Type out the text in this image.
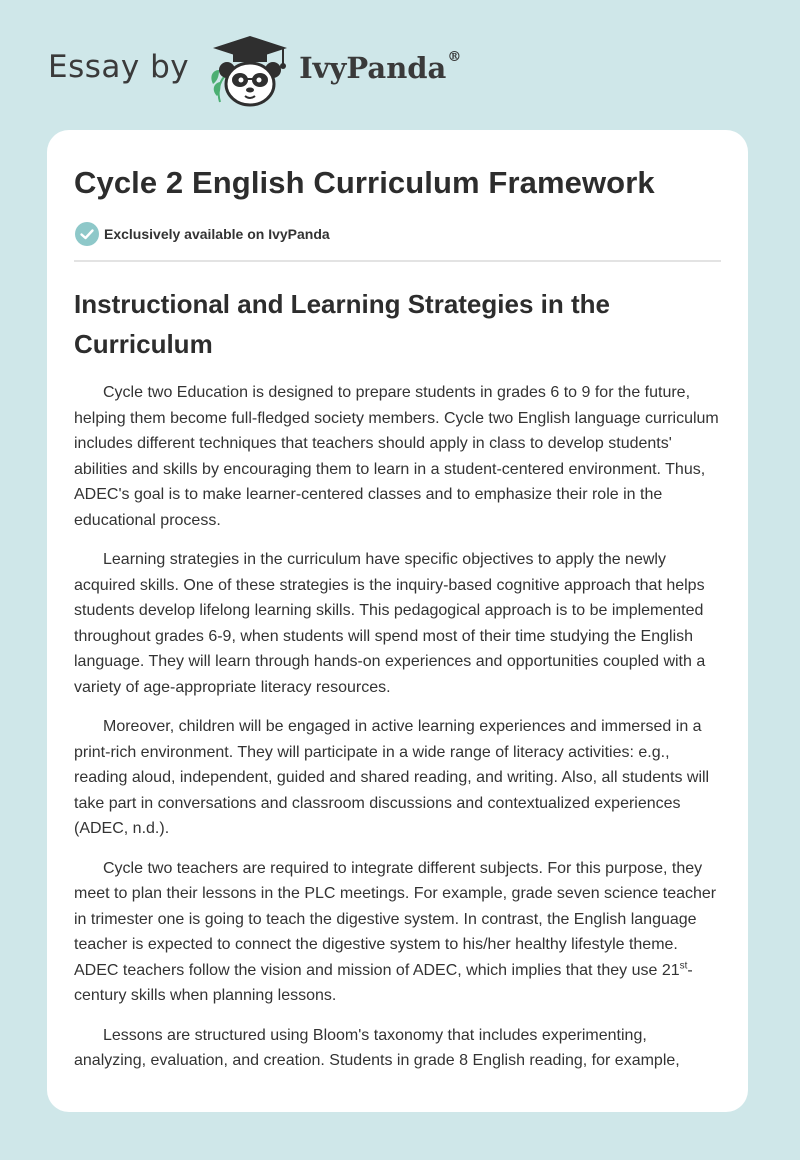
Essay by	IvyPanda®
Cycle 2 English Curriculum Framework
Exclusively available on IvyPanda
Instructional and Learning Strategies in the Curriculum

Cycle two Education is designed to prepare students in grades 6 to 9 for the future, helping them become full-fledged society members. Cycle two English language curriculum includes different techniques that teachers should apply in class to develop students' abilities and skills by encouraging them to learn in a student-centered environment. Thus, ADEC's goal is to make learner-centered classes and to emphasize their role in the educational process.

Learning strategies in the curriculum have specific objectives to apply the newly acquired skills. One of these strategies is the inquiry-based cognitive approach that helps students develop lifelong learning skills. This pedagogical approach is to be implemented throughout grades 6-9, when students will spend most of their time studying the English language. They will learn through hands-on experiences and opportunities coupled with a variety of age-appropriate literacy resources.

Moreover, children will be engaged in active learning experiences and immersed in a print-rich environment. They will participate in a wide range of literacy activities: e.g., reading aloud, independent, guided and shared reading, and writing. Also, all students will take part in conversations and classroom discussions and contextualized experiences (ADEC, n.d.).

Cycle two teachers are required to integrate different subjects. For this purpose, they meet to plan their lessons in the PLC meetings. For example, grade seven science teacher in trimester one is going to teach the digestive system. In contrast, the English language teacher is expected to connect the digestive system to his/her healthy lifestyle theme. ADEC teachers follow the vision and mission of ADEC, which implies that they use 21st-century skills when planning lessons.

Lessons are structured using Bloom's taxonomy that includes experimenting, analyzing, evaluation, and creation. Students in grade 8 English reading, for example,
